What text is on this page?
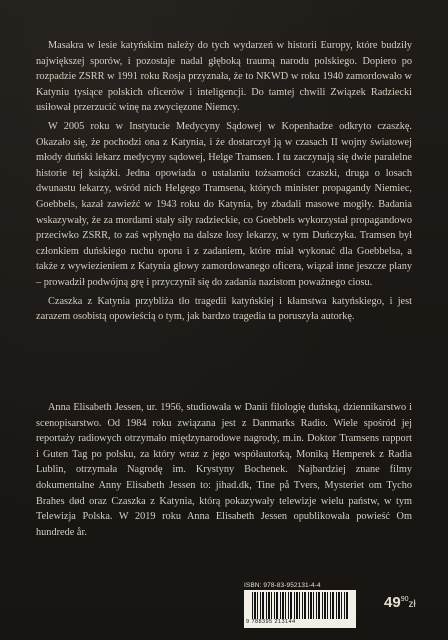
Masakra w lesie katyńskim należy do tych wydarzeń w historii Europy, które budziły największej sporów, i pozostaje nadal głęboką traumą narodu polskiego. Dopiero po rozpadzie ZSRR w 1991 roku Rosja przyznała, że to NKWD w roku 1940 zamordowało w Katyniu tysiące polskich oficerów i inteligencji. Do tamtej chwili Związek Radziecki usiłował przerzucić winę na zwycięzone Niemcy.

W 2005 roku w Instytucie Medycyny Sądowej w Kopenhadze odkryto czaszkę. Okazało się, że pochodzi ona z Katynia, i że dostarczył ją w czasach II wojny światowej młody duński lekarz medycyny sądowej, Helge Tramsen. I tu zaczynają się dwie paralelne historie tej książki. Jedna opowiada o ustalaniu tożsamości czaszki, druga o losach dwunastu lekarzy, wśród nich Helgego Tramsena, których minister propagandy Niemiec, Goebbels, kazał zawieźć w 1943 roku do Katynia, by zbadali masowe mogiły. Badania wskazywały, że za mordami stały siły radzieckie, co Goebbels wykorzystał propagandowo przeciwko ZSRR, to zaś wpłynęło na dalsze losy lekarzy, w tym Duńczyka. Tramsen był członkiem duńskiego ruchu oporu i z zadaniem, które miał wykonać dla Goebbelsa, a także z wywiezieniem z Katynia głowy zamordowanego oficera, wiązał inne jeszcze plany – prowadził podwójną grę i przyczynił się do zadania nazistom poważnego ciosu.

Czaszka z Katynia przybliża tło tragedii katyńskiej i kłamstwa katyńskiego, i jest zarazem osobistą opowieścią o tym, jak bardzo tragedia ta poruszyła autorkę.

Anna Elisabeth Jessen, ur. 1956, studiowała w Danii filologię duńską, dziennikarstwo i scenopisarstwo. Od 1984 roku związana jest z Danmarks Radio. Wiele spośród jej reportaży radiowych otrzymało międzynarodowe nagrody, m.in. Doktor Tramsens rapport i Guten Tag po polsku, za który wraz z jego współautorką, Moniką Hemperek z Radia Lublin, otrzymała Nagrodę im. Krystyny Bochenek. Najbardziej znane filmy dokumentalne Anny Elisabeth Jessen to: jihad.dk, Tine på Tvers, Mysteriet om Tycho Brahes død oraz Czaszka z Katynia, którą pokazywały telewizje wielu państw, w tym Telewizja Polska. W 2019 roku Anna Elisabeth Jessen opublikowała powieść Om hundrede år.

ISBN: 978-83-952131-4-4
9 788395 213144
$49^{90}zł$
